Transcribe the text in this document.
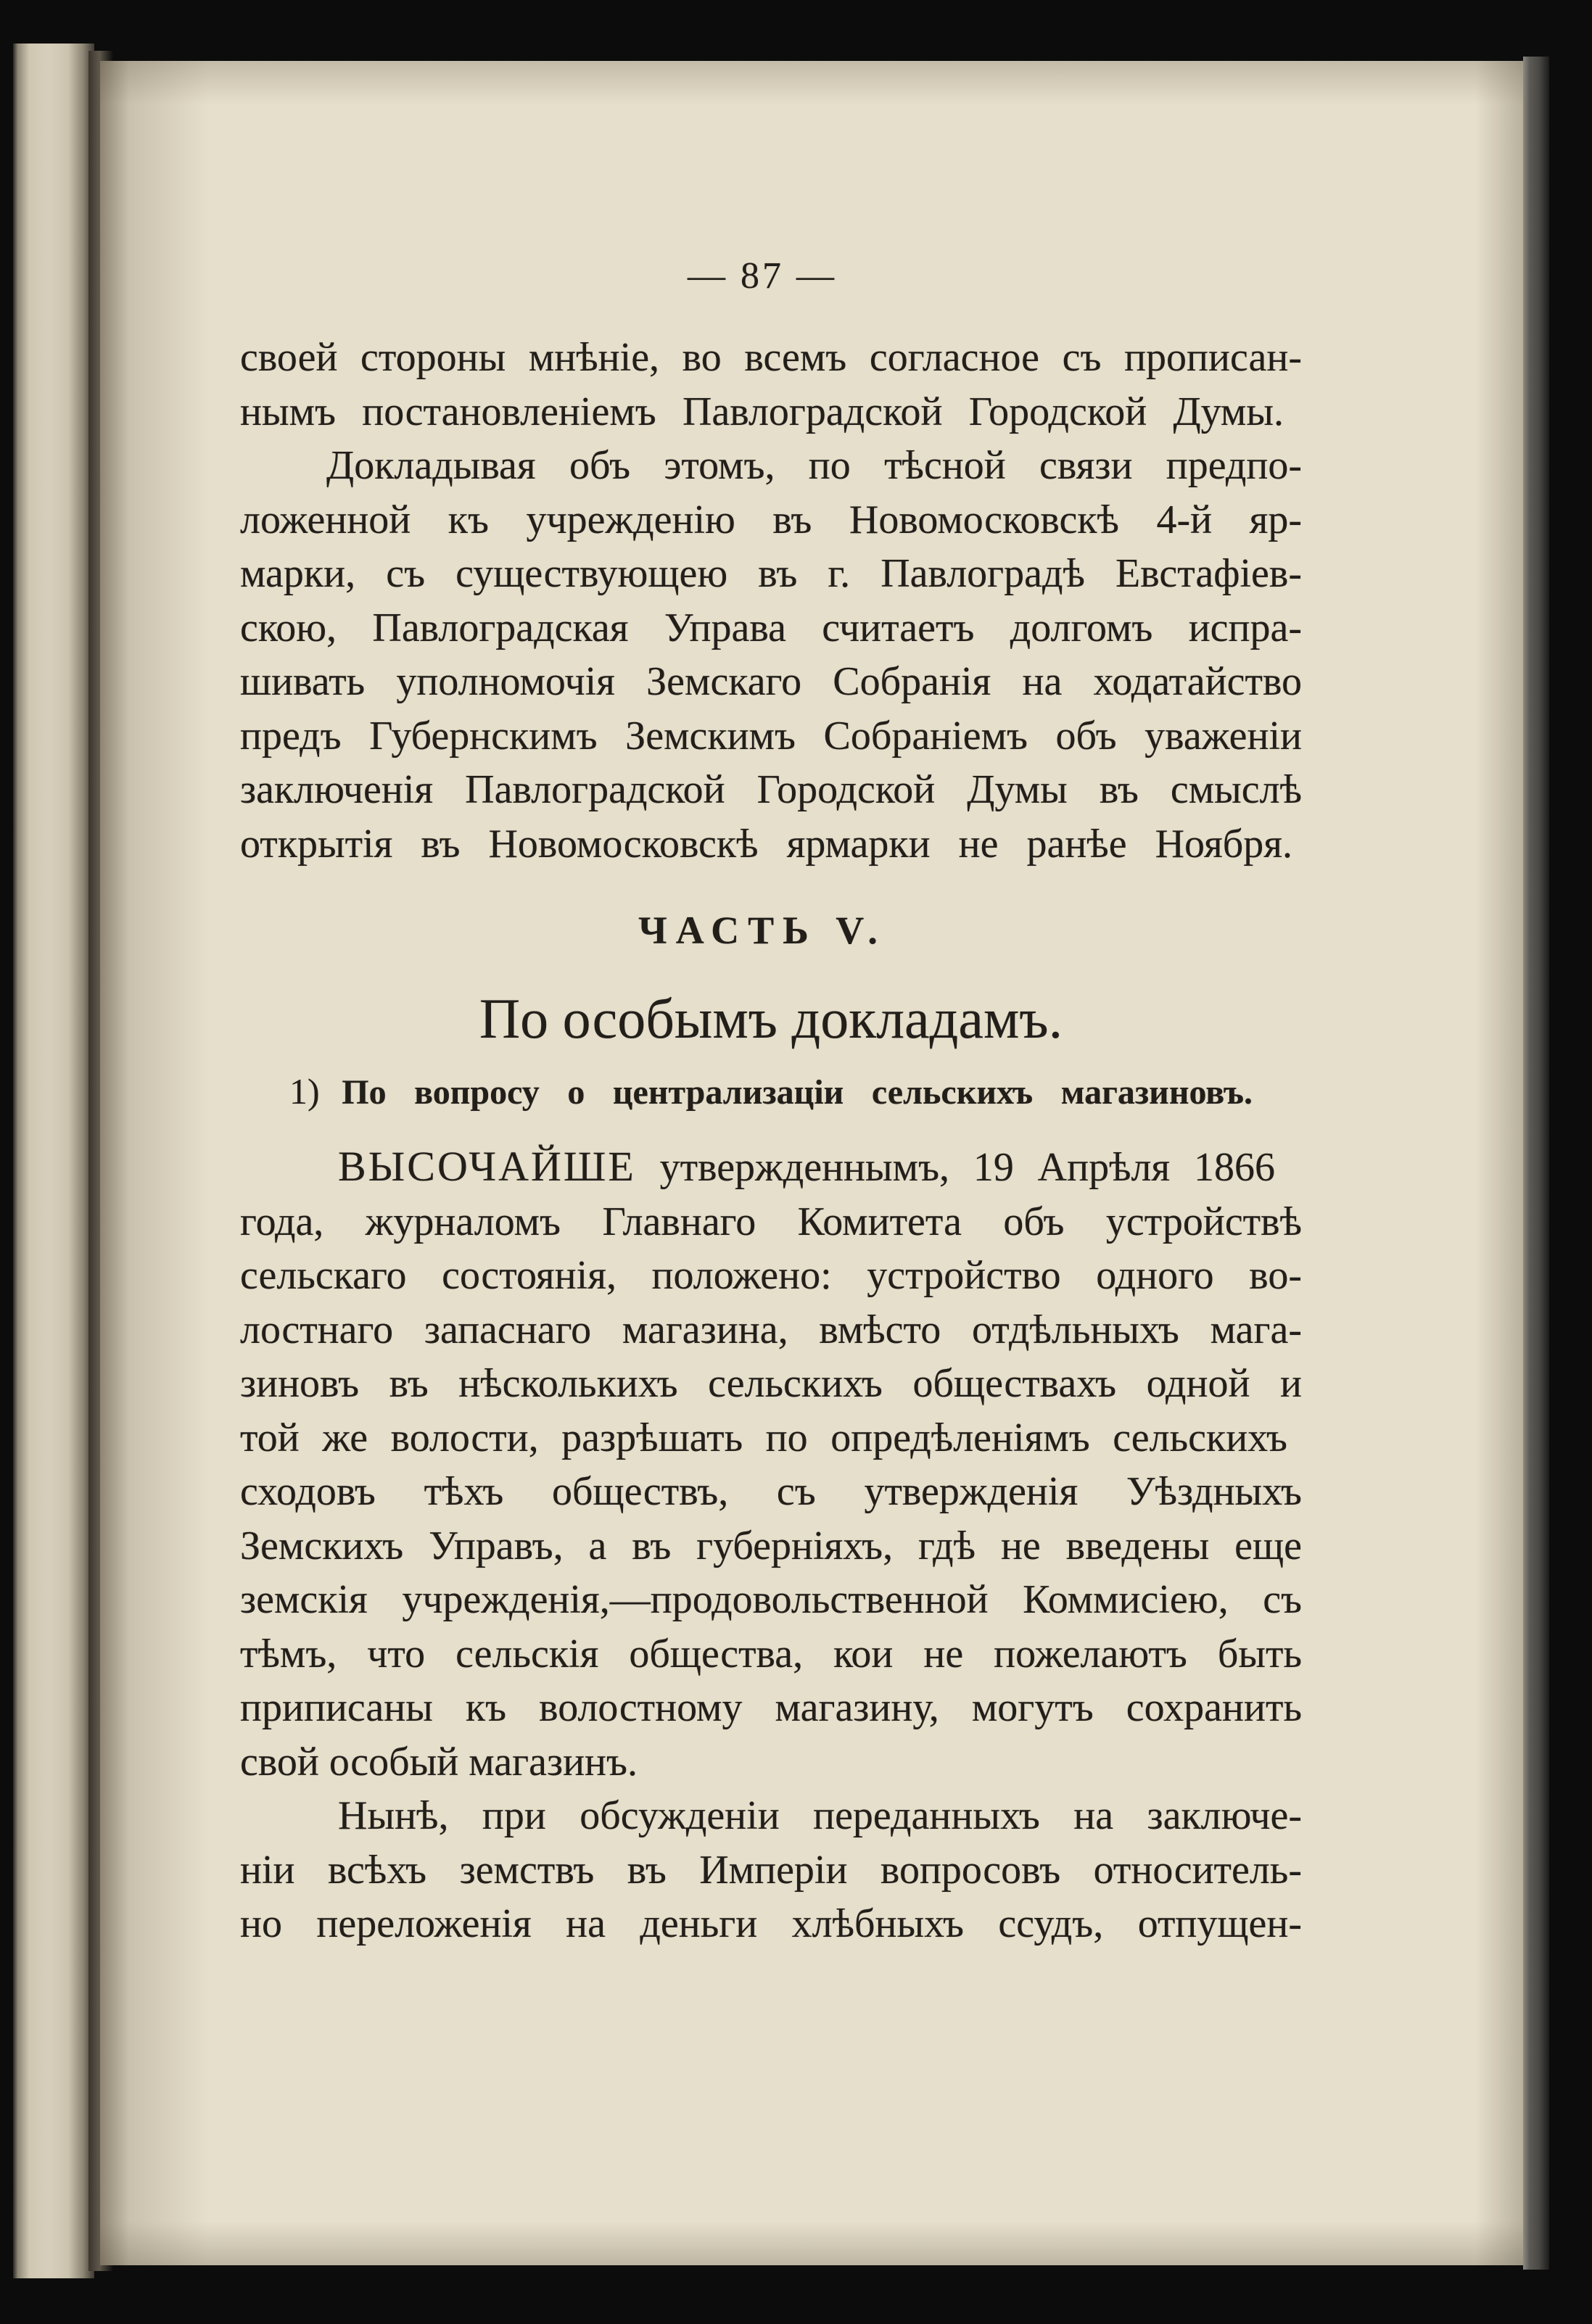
— 87 —
своей стороны мнѣніе, во всемъ согласное съ прописан-
нымъ постановленіемъ Павлоградской Городской Думы.
Докладывая объ этомъ, по тѣсной связи предпо-
ложенной къ учрежденію въ Новомосковскѣ 4-й яр-
марки, съ существующею въ г. Павлоградѣ Евстафіев-
скою, Павлоградская Управа считаетъ долгомъ испра-
шивать уполномочія Земскаго Собранія на ходатайство
предъ Губернскимъ Земскимъ Собраніемъ объ уваженіи
заключенія Павлоградской Городской Думы въ смыслѣ
открытія въ Новомосковскѣ ярмарки не ранѣе Ноября.
ЧАСТЬ V.
По особымъ докладамъ.
1) По вопросу о централизаціи сельскихъ магазиновъ.
ВЫСОЧАЙШЕ утвержденнымъ, 19 Апрѣля 1866
года, журналомъ Главнаго Комитета объ устройствѣ
сельскаго состоянія, положено: устройство одного во-
лостнаго запаснаго магазина, вмѣсто отдѣльныхъ мага-
зиновъ въ нѣсколькихъ сельскихъ обществахъ одной и
той же волости, разрѣшать по опредѣленіямъ сельскихъ
сходовъ тѣхъ обществъ, съ утвержденія Уѣздныхъ
Земскихъ Управъ, а въ губерніяхъ, гдѣ не введены еще
земскія учрежденія,—продовольственной Коммисіею, съ
тѣмъ, что сельскія общества, кои не пожелаютъ быть
приписаны къ волостному магазину, могутъ сохранить
свой особый магазинъ.
Нынѣ, при обсужденіи переданныхъ на заключе-
ніи всѣхъ земствъ въ Имперіи вопросовъ относитель-
но переложенія на деньги хлѣбныхъ ссудъ, отпущен-
